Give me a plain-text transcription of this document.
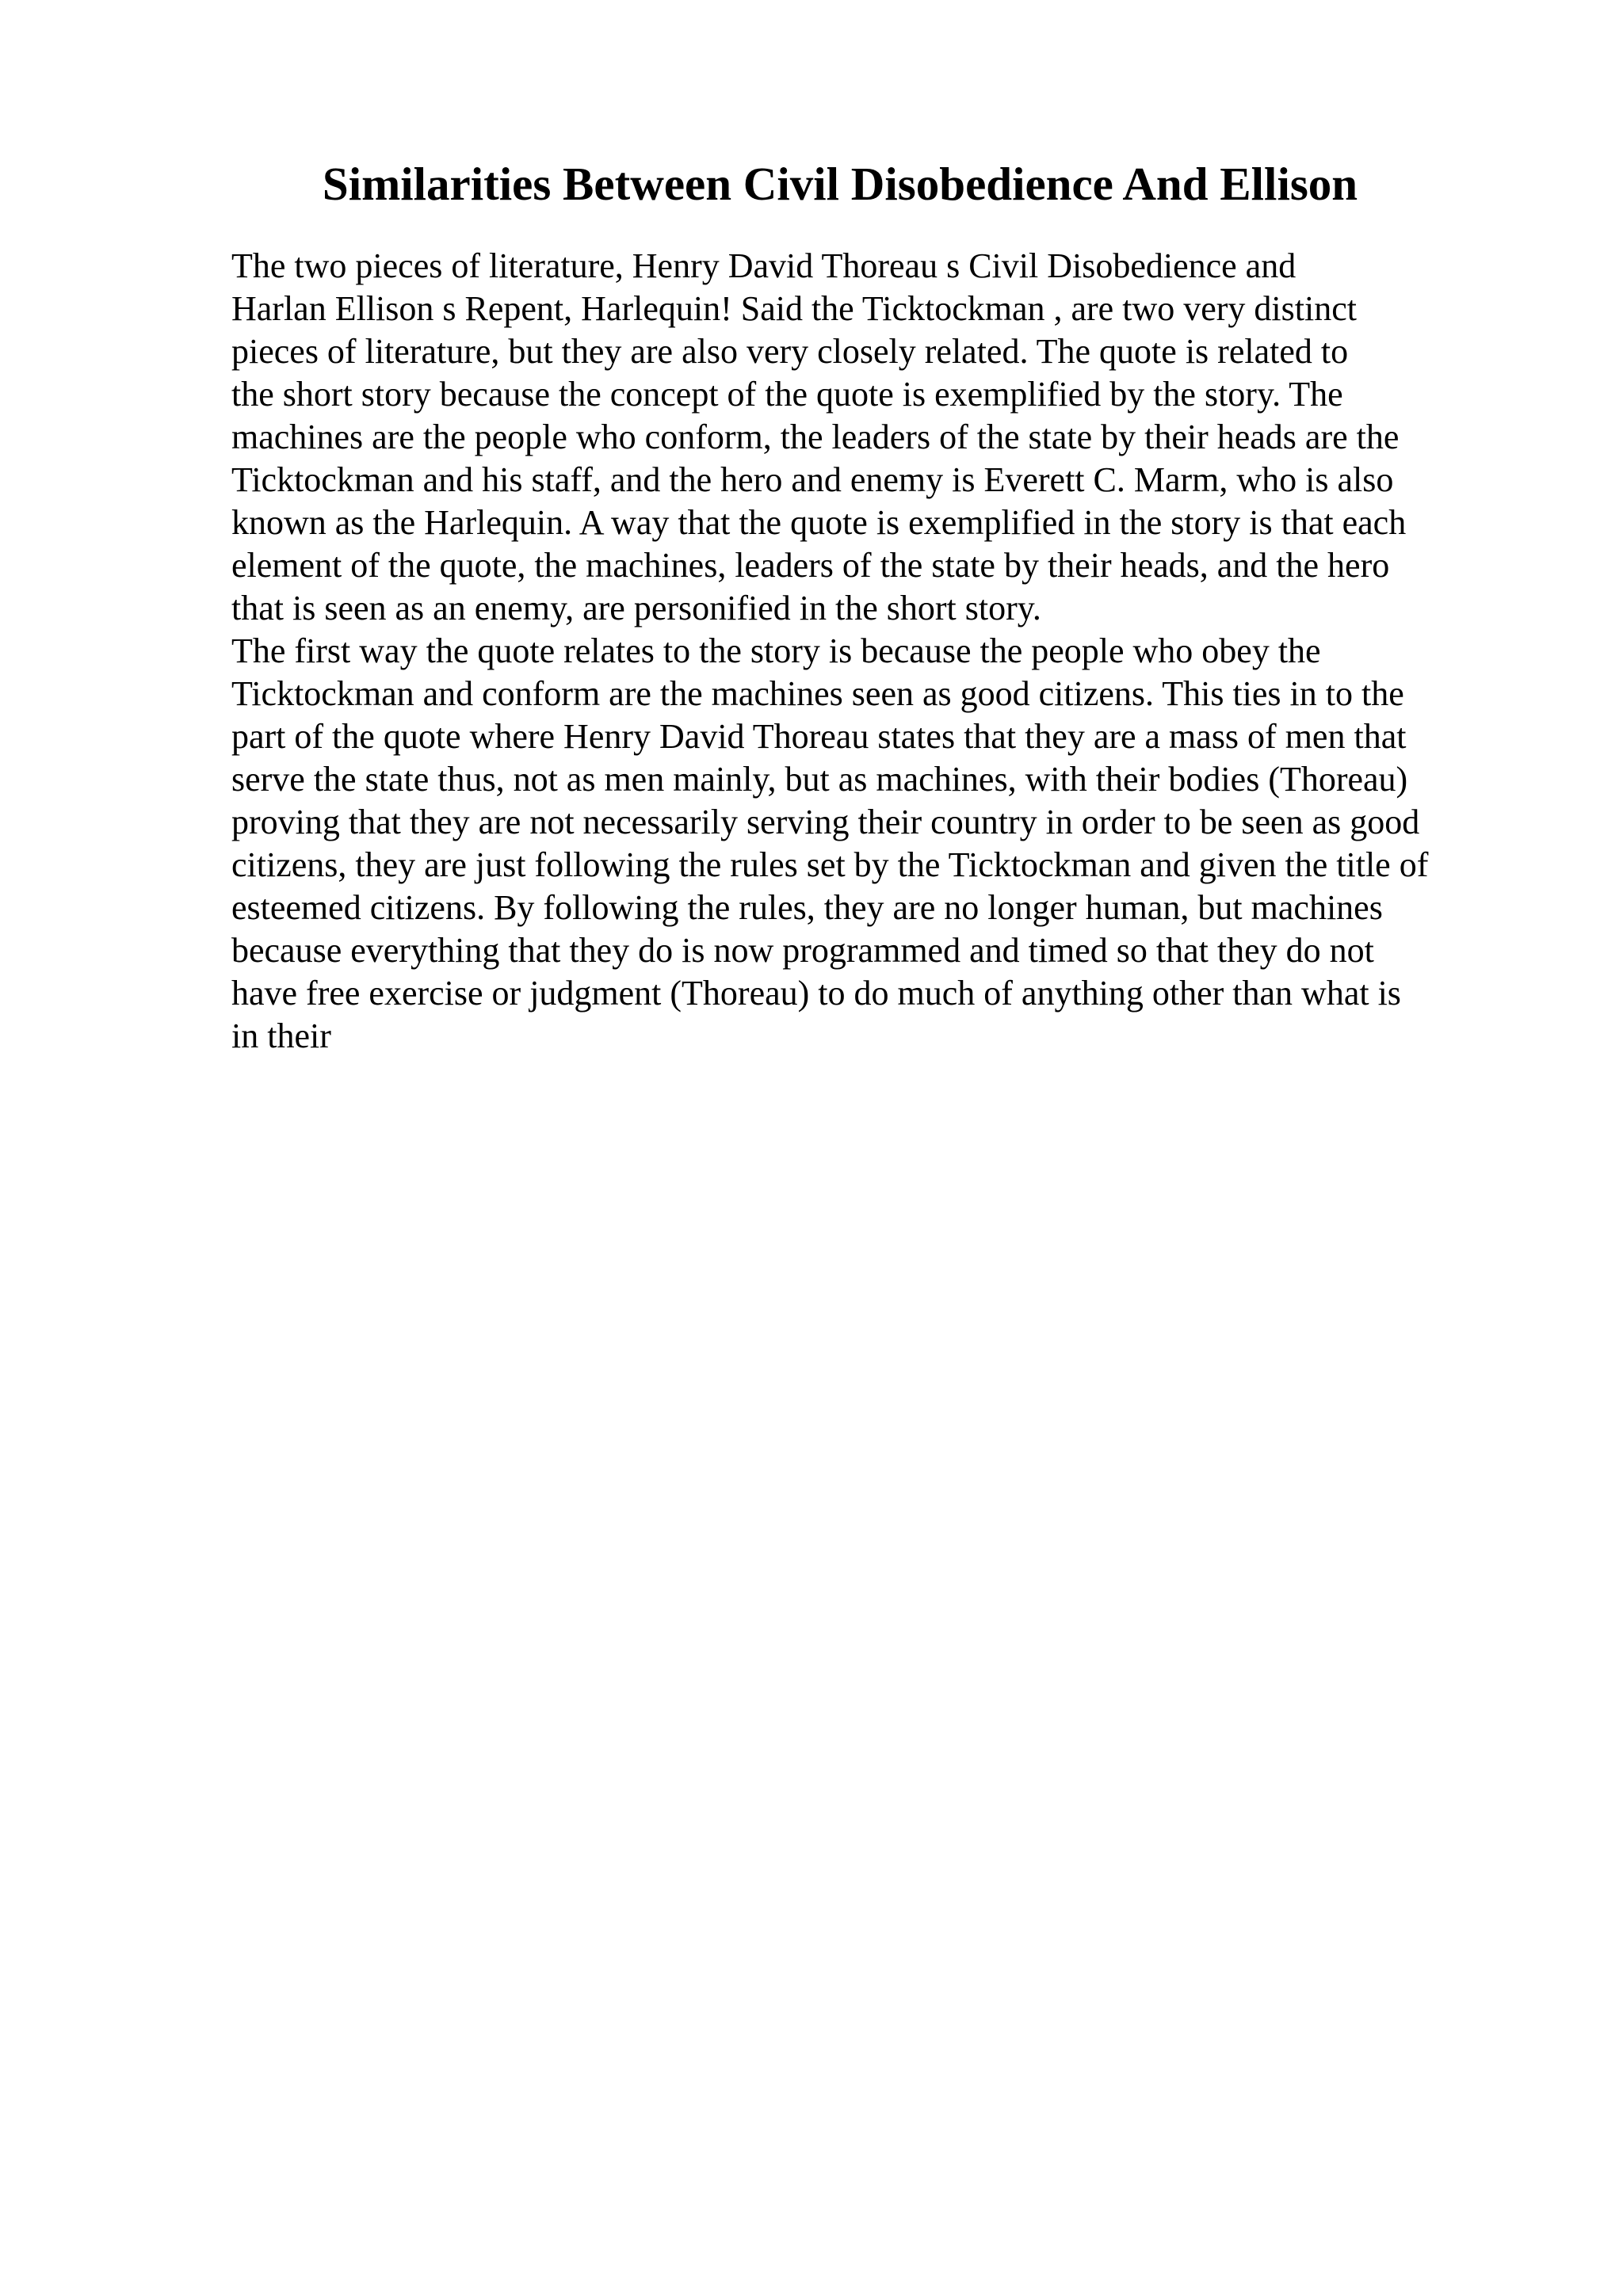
Similarities Between Civil Disobedience And Ellison
The two pieces of literature, Henry David Thoreau s Civil Disobedience and
Harlan Ellison s Repent, Harlequin! Said the Ticktockman , are two very distinct
pieces of literature, but they are also very closely related. The quote is related to
the short story because the concept of the quote is exemplified by the story. The
machines are the people who conform, the leaders of the state by their heads are the
Ticktockman and his staff, and the hero and enemy is Everett C. Marm, who is also
known as the Harlequin. A way that the quote is exemplified in the story is that each
element of the quote, the machines, leaders of the state by their heads, and the hero
that is seen as an enemy, are personified in the short story.
The first way the quote relates to the story is because the people who obey the
Ticktockman and conform are the machines seen as good citizens. This ties in to the
part of the quote where Henry David Thoreau states that they are a mass of men that
serve the state thus, not as men mainly, but as machines, with their bodies (Thoreau)
proving that they are not necessarily serving their country in order to be seen as good
citizens, they are just following the rules set by the Ticktockman and given the title of
esteemed citizens. By following the rules, they are no longer human, but machines
because everything that they do is now programmed and timed so that they do not
have free exercise or judgment (Thoreau) to do much of anything other than what is
in their
